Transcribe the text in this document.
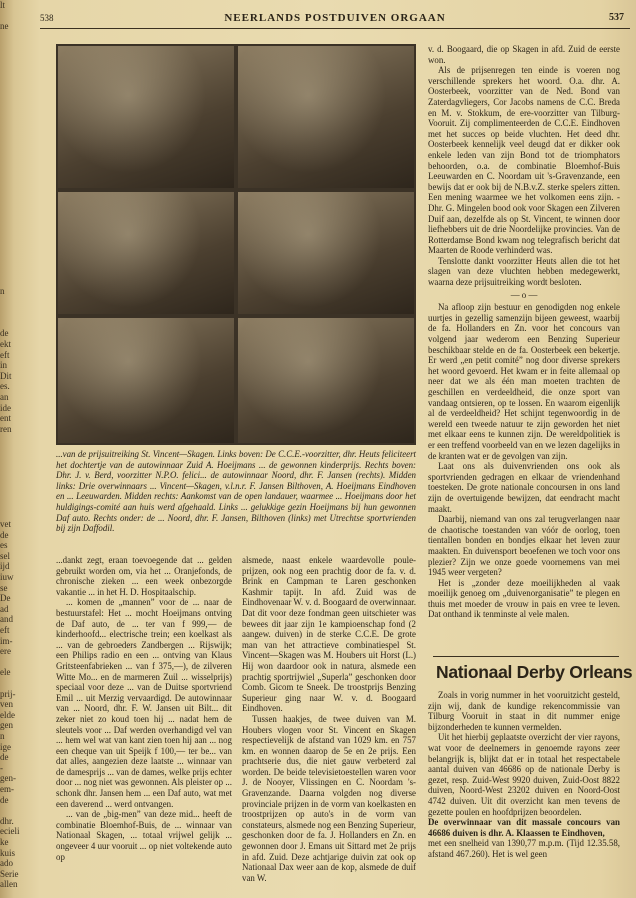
lt

ne

n

de
ekt
eft
in
Dit
es.
an
ide
ent
ren

vet
de
es
sel
ijd
iuw
se
De
ad
and
eft
im-
ere

ele

prij-
ven
elde
gen
n
ige
de
-
gen-
em-
de

dhr.
ecieli
ke
kuis
ado
Serie
allen
538	NEERLANDS POSTDUIVEN ORGAAN	537
...van de prijsuitreiking St. Vincent—Skagen. Links boven: De C.C.E.-voorzitter, dhr. Heuts feliciteert het dochtertje van de autowinnaar Zuid A. Hoeijmans ... de gewonnen kinderprijs. Rechts boven: Dhr. J. v. Berd, voorzitter N.P.O. felici... de autowinnaar Noord, dhr. F. Jansen (rechts). Midden links: Drie overwinnaars ... Vincent—Skagen, v.l.n.r. F. Jansen Bilthoven, A. Hoeijmans Eindhoven en ... Leeuwarden. Midden rechts: Aankomst van de open landauer, waarmee ... Hoeijmans door het huldigings-comité aan huis werd afgehaald. Links ... gelukkige gezin Hoeijmans bij hun gewonnen Daf auto. Rechts onder: de ... Noord, dhr. F. Jansen, Bilthoven (links) met Utrechtse sportvrienden bij zijn Daffodil.

...dankt zegt, eraan toevoegende dat ... gelden gebruikt worden om, via het ... Oranjefonds, de chronische zieken ... een week onbezorgde vakantie ... in het H. D. Hospitaalschip.

... komen de „mannen” voor de ... naar de bestuurstafel: Het ... mocht Hoeijmans ontving de Daf auto, de ... ter van f 999,— de kinderhoofd... electrische trein; een koelkast als ... van de gebroeders Zandbergen ... Rijswijk; een Philips radio en een ... ontving van Klaus Gritsteenfabrieken ... van f 375,—), de zilveren Witte Mo... en de marmeren Zuil ... wisselprijs) speciaal voor deze ... van de Duitse sportvriend Emil ... uit Merzig vervaardigd. De autowinnaar van ... Noord, dhr. F. W. Jansen uit Bilt... dit zeker niet zo koud toen hij ... nadat hem de sleutels voor ... Daf werden overhandigd vel van ... hem wel wat van kant zien toen hij aan ... nog een cheque van uit Speijk f 100,— ter be... van dat alles, aangezien deze laatste ... winnaar van de damesprijs ... van de dames, welke prijs echter door ... nog niet was gewonnen. Als pleister op ... schonk dhr. Jansen hem ... een Daf auto, wat met een daverend ... werd ontvangen.

... van de „big-men” van deze mid... heeft de combinatie Bloemhof-Buis, de ... winnaar van Nationaal Skagen, ... totaal vrijwel gelijk ... ongeveer 4 uur vooruit ... op niet voltekende auto op

alsmede, naast enkele waardevolle poule-prijzen, ook nog een prachtig door de fa. v. d. Brink en Campman te Laren geschonken Kashmir tapijt. In afd. Zuid was de Eindhovenaar W. v. d. Boogaard de overwinnaar. Dat dit voor deze fondman geen uitschieter was bewees dit jaar zijn 1e kampioenschap fond (2 aangew. duiven) in de sterke C.C.E. De grote man van het attractieve combinatiespel St. Vincent—Skagen was M. Houbers uit Horst (L.) Hij won daardoor ook in natura, alsmede een prachtig sportrijwiel „Superla” geschonken door Comb. Gicom te Sneek. De troostprijs Benzing Superieur ging naar W. v. d. Boogaard Eindhoven.

Tussen haakjes, de twee duiven van M. Houbers vlogen voor St. Vincent en Skagen respectievelijk de afstand van 1029 km. en 757 km. en wonnen daarop de 5e en 2e prijs. Een prachtserie dus, die niet gauw verbeterd zal worden. De beide televisietoestellen waren voor J. de Nooyer, Vlissingen en C. Noordam 's-Gravenzande. Daarna volgden nog diverse provinciale prijzen in de vorm van koelkasten en troostprijzen op auto's in de vorm van constateurs, alsmede nog een Benzing Superieur, geschonken door de fa. J. Hollanders en Zn. en gewonnen door J. Emans uit Sittard met 2e prijs in afd. Zuid. Deze achtjarige duivin zat ook op Nationaal Dax weer aan de kop, alsmede de duif van W.

v. d. Boogaard, die op Skagen in afd. Zuid de eerste won.

Als de prijsenregen ten einde is voeren nog verschillende sprekers het woord. O.a. dhr. A. Oosterbeek, voorzitter van de Ned. Bond van Zaterdagvliegers, Cor Jacobs namens de C.C. Breda en M. v. Stokkum, de ere-voorzitter van Tilburg-Vooruit. Zij complimenteerden de C.C.E. Eindhoven met het succes op beide vluchten. Het deed dhr. Oosterbeek kennelijk veel deugd dat er dikker ook enkele leden van zijn Bond tot de triomphators behoorden, o.a. de combinatie Bloemhof-Buis Leeuwarden en C. Noordam uit 's-Gravenzande, een bewijs dat er ook bij de N.B.v.Z. sterke spelers zitten. Een mening waarmee we het volkomen eens zijn. - Dhr. G. Mingelen bood ook voor Skagen een Zilveren Duif aan, dezelfde als op St. Vincent, te winnen door liefhebbers uit de drie Noordelijke provincies. Van de Rotterdamse Bond kwam nog telegrafisch bericht dat Maarten de Roode verhinderd was.

Tenslotte dankt voorzitter Heuts allen die tot het slagen van deze vluchten hebben medegewerkt, waarna deze prijsuitreiking wordt besloten.

— o —

Na afloop zijn bestuur en genodigden nog enkele uurtjes in gezellig samenzijn bijeen geweest, waarbij de fa. Hollanders en Zn. voor het concours van volgend jaar wederom een Benzing Superieur beschikbaar stelde en de fa. Oosterbeek een bekertje. Er werd „en petit comité” nog door diverse sprekers het woord gevoerd. Het kwam er in feite allemaal op neer dat we als één man moeten trachten de geschillen en verdeeldheid, die onze sport van vandaag ontsieren, op te lossen. En waarom eigenlijk al de verdeeldheid? Het schijnt tegenwoordig in de wereld een tweede natuur te zijn geworden het niet met elkaar eens te kunnen zijn. De wereldpolitiek is er een treffend voorbeeld van en we lezen dagelijks in de kranten wat er de gevolgen van zijn.

Laat ons als duivenvrienden ons ook als sportvrienden gedragen en elkaar de vriendenhand toesteken. De grote nationale concoursen in ons land zijn de overtuigende bewijzen, dat eendracht macht maakt.

Daarbij, niemand van ons zal terugverlangen naar de chaotische toestanden van vóór de oorlog, toen tientallen bonden en bondjes elkaar het leven zuur maakten. En duivensport beoefenen we toch voor ons plezier? Zijn we onze goede voornemens van mei 1945 weer vergeten?

Het is „zonder deze moeilijkheden al vaak moeilijk genoeg om „duivenorganisatie” te plegen en thuis met moeder de vrouw in pais en vree te leven. Dat onthand ik tenminste al vele malen.

Nationaal Derby Orleans

Zoals in vorig nummer in het vooruitzicht gesteld, zijn wij, dank de kundige rekencommissie van Tilburg Vooruit in staat in dit nummer enige bijzonderheden te kunnen vermelden.

Uit het hierbij geplaatste overzicht der vier rayons, wat voor de deelnemers in genoemde rayons zeer belangrijk is, blijkt dat er in totaal het respectabele aantal duiven van 46686 op de nationale Derby is gezet, resp. Zuid-West 9920 duiven, Zuid-Oost 8822 duiven, Noord-West 23202 duiven en Noord-Oost 4742 duiven. Uit dit overzicht kan men tevens de gezette poulen en hoofdprijzen beoordelen.

De overwinnaar van dit massale concours van 46686 duiven is dhr. A. Klaassen te Eindhoven,

met een snelheid van 1390,77 m.p.m. (Tijd 12.35.58, afstand 467.260). Het is wel geen
